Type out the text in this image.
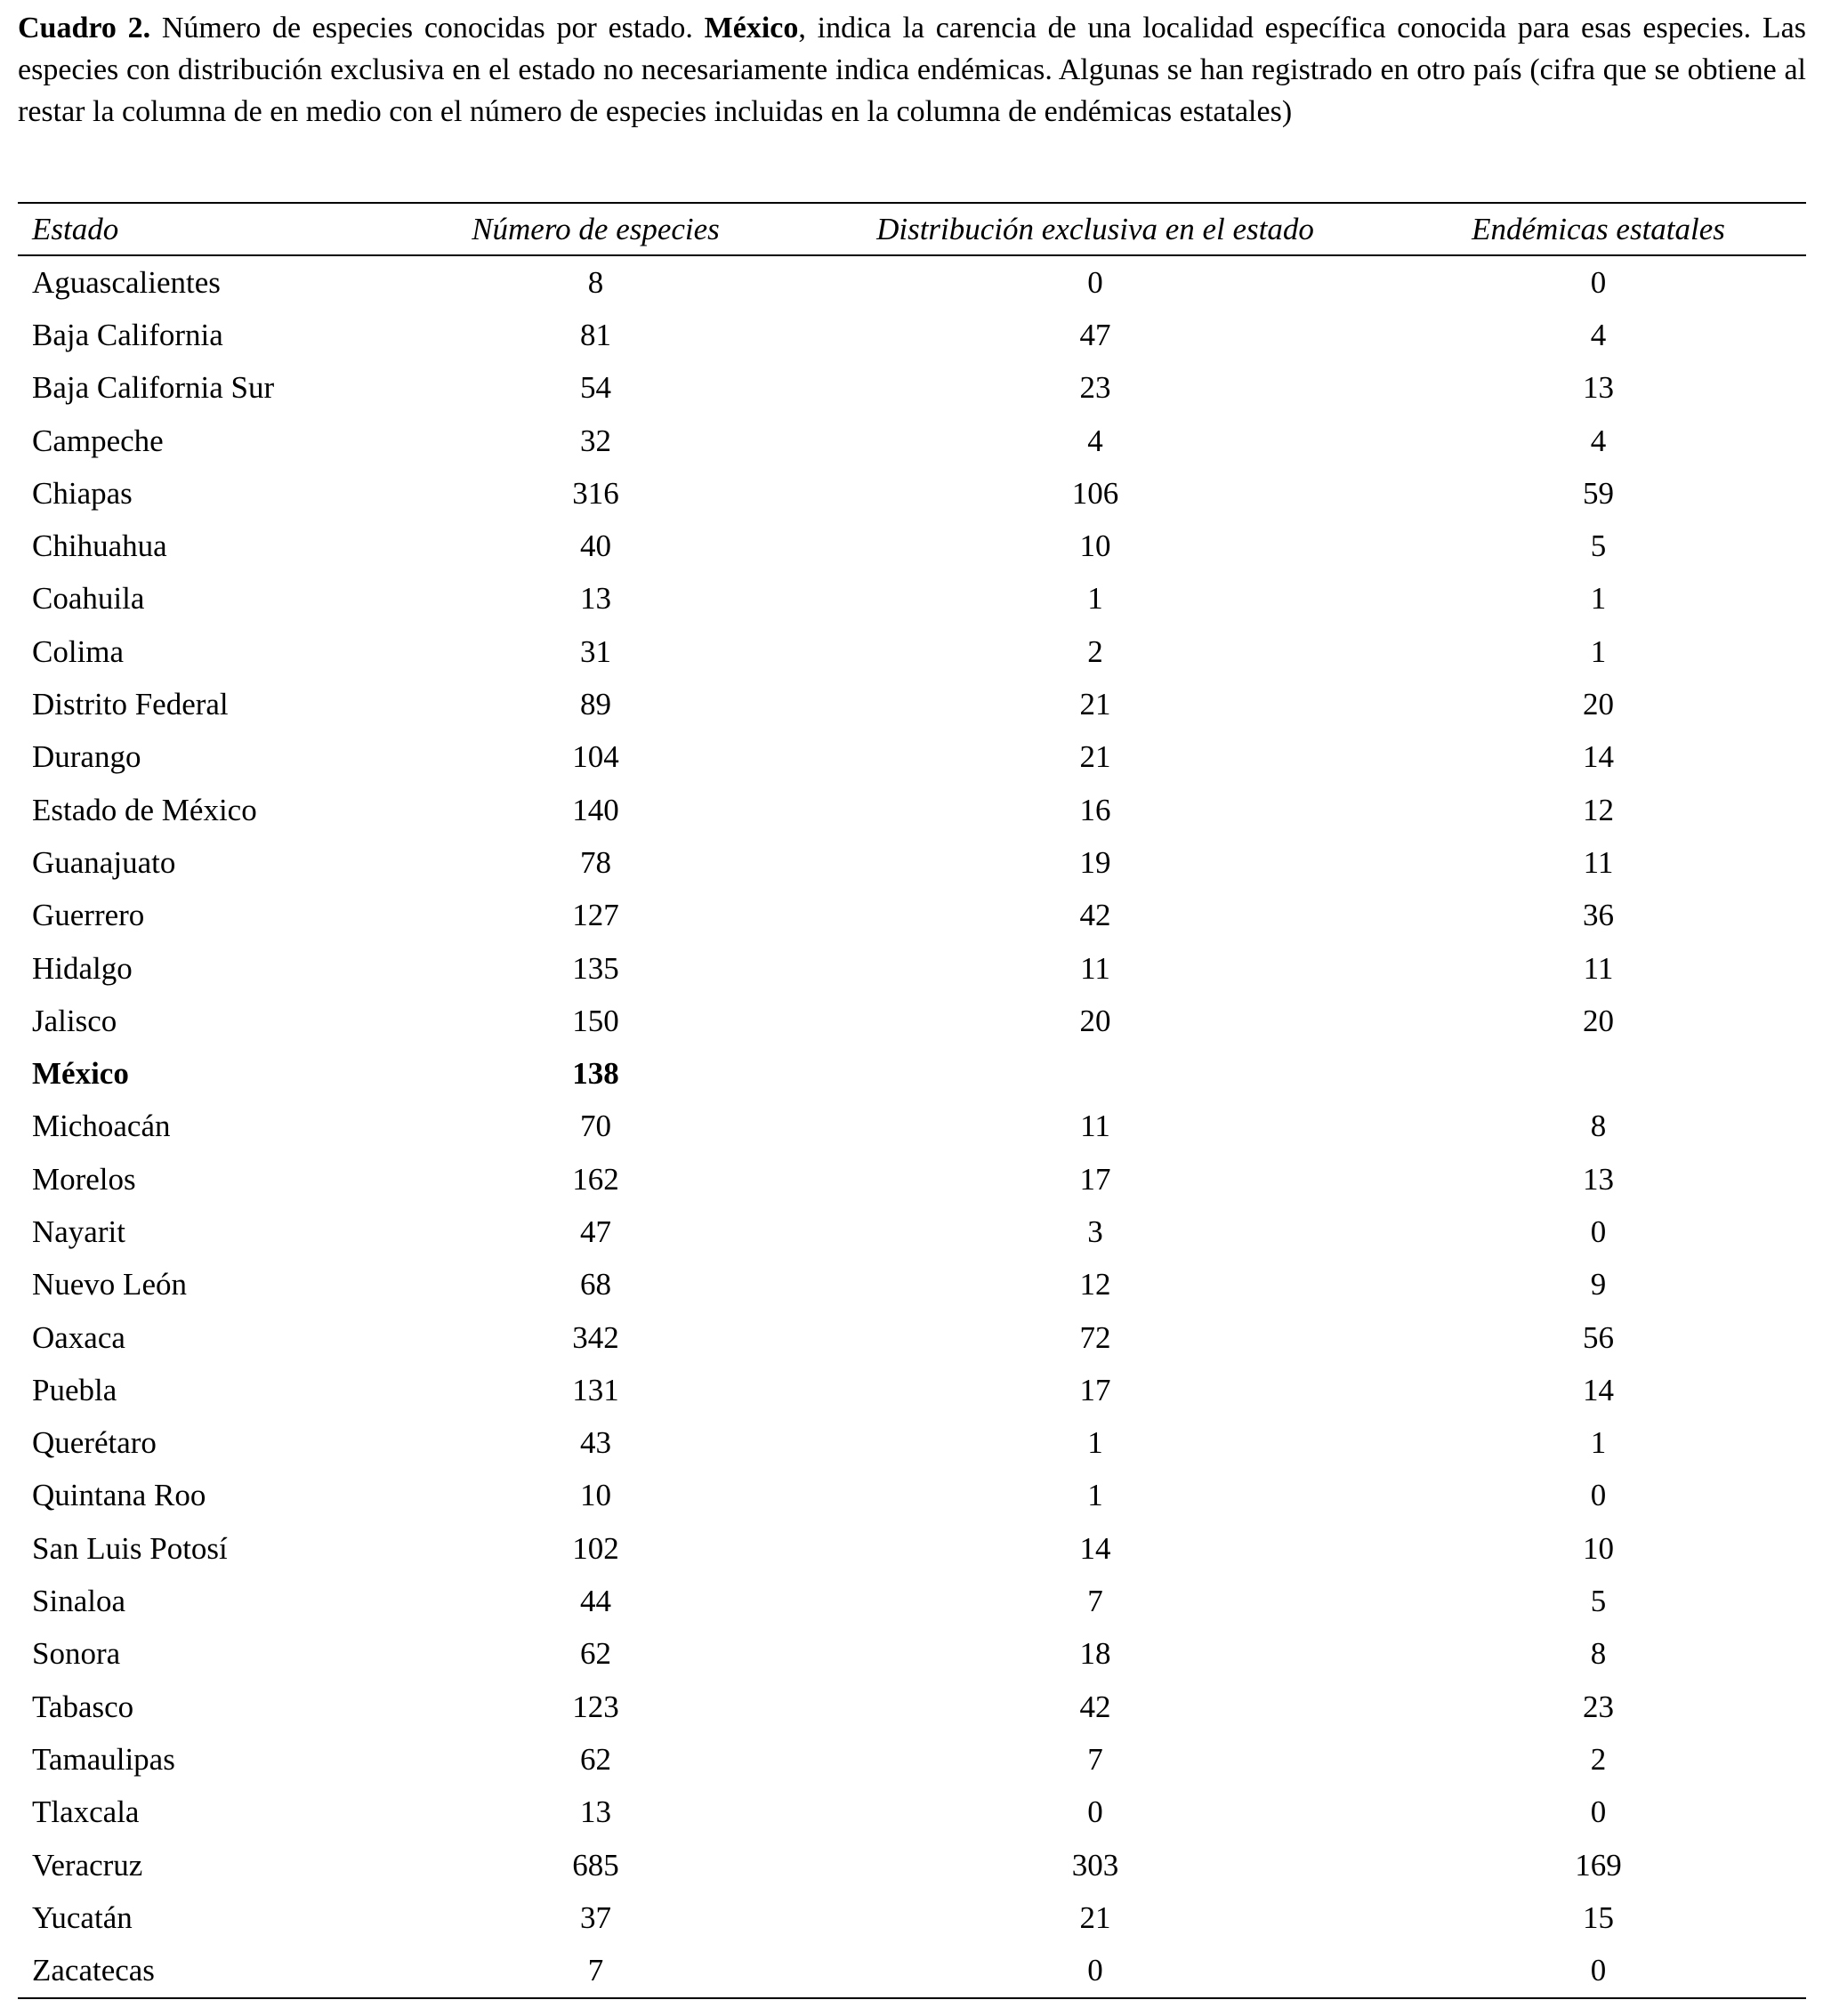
Cuadro 2. Número de especies conocidas por estado. México, indica la carencia de una localidad específica conocida para esas especies. Las especies con distribución exclusiva en el estado no necesariamente indica endémicas. Algunas se han registrado en otro país (cifra que se obtiene al restar la columna de en medio con el número de especies incluidas en la columna de endémicas estatales)

Estado	Número de especies	Distribución exclusiva en el estado	Endémicas estatales
Aguascalientes	8	0	0
Baja California	81	47	4
Baja California Sur	54	23	13
Campeche	32	4	4
Chiapas	316	106	59
Chihuahua	40	10	5
Coahuila	13	1	1
Colima	31	2	1
Distrito Federal	89	21	20
Durango	104	21	14
Estado de México	140	16	12
Guanajuato	78	19	11
Guerrero	127	42	36
Hidalgo	135	11	11
Jalisco	150	20	20
México	138
Michoacán	70	11	8
Morelos	162	17	13
Nayarit	47	3	0
Nuevo León	68	12	9
Oaxaca	342	72	56
Puebla	131	17	14
Querétaro	43	1	1
Quintana Roo	10	1	0
San Luis Potosí	102	14	10
Sinaloa	44	7	5
Sonora	62	18	8
Tabasco	123	42	23
Tamaulipas	62	7	2
Tlaxcala	13	0	0
Veracruz	685	303	169
Yucatán	37	21	15
Zacatecas	7	0	0
